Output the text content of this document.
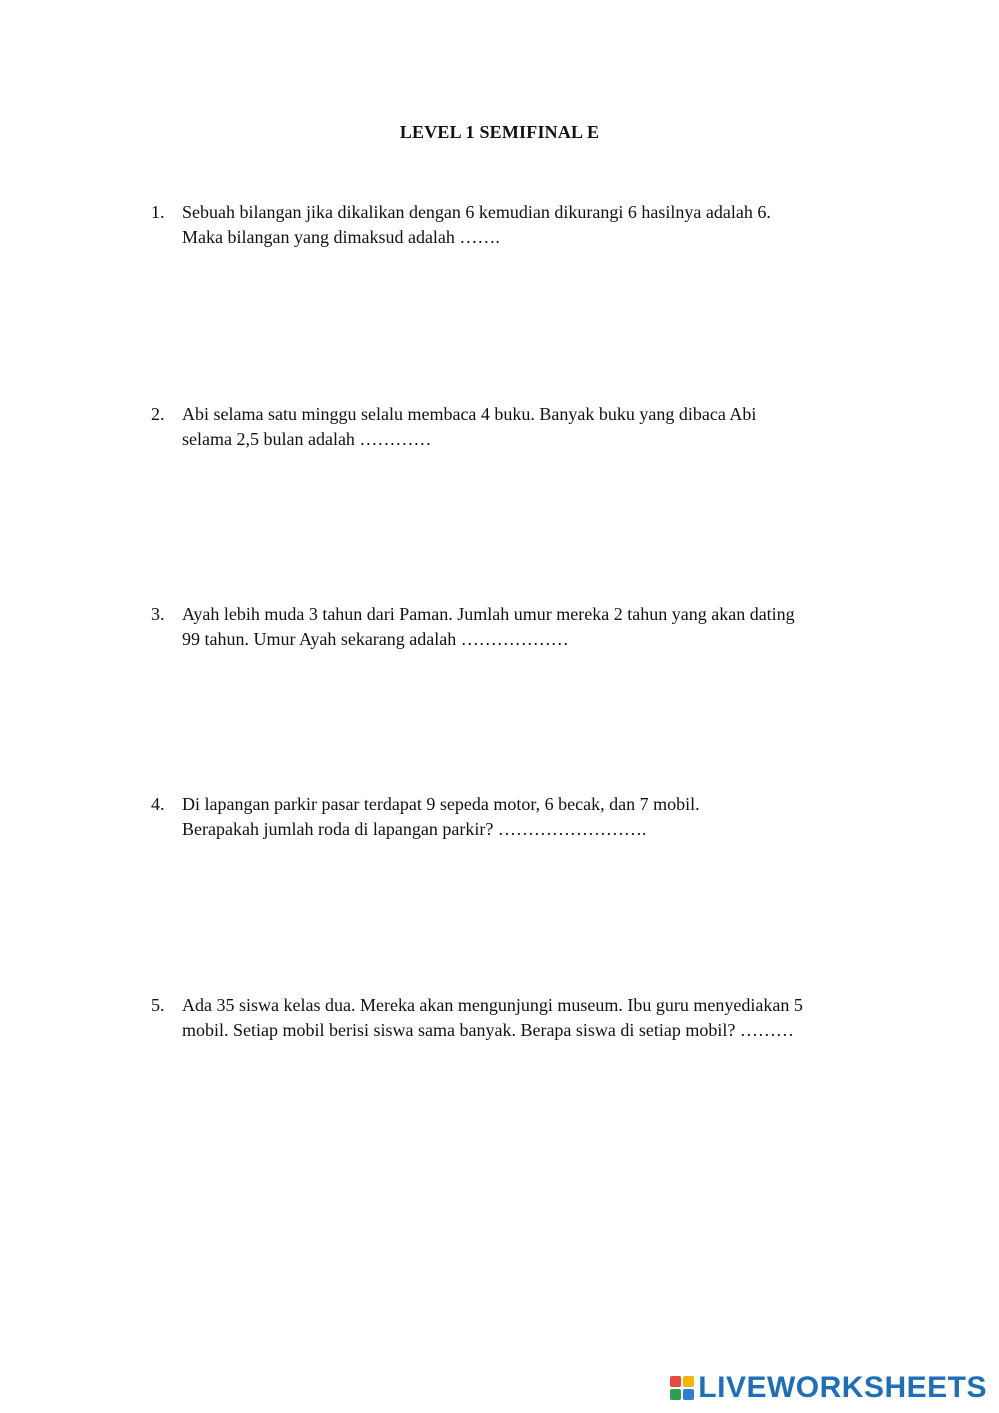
LEVEL 1 SEMIFINAL E
1. Sebuah bilangan jika dikalikan dengan 6 kemudian dikurangi 6 hasilnya adalah 6.
Maka bilangan yang dimaksud adalah …….
2. Abi selama satu minggu selalu membaca 4 buku. Banyak buku yang dibaca Abi
selama 2,5 bulan adalah …………
3. Ayah lebih muda 3 tahun dari Paman. Jumlah umur mereka 2 tahun yang akan dating
99 tahun. Umur Ayah sekarang adalah ………………
4. Di lapangan parkir pasar terdapat 9 sepeda motor, 6 becak, dan 7 mobil.
Berapakah jumlah roda di lapangan parkir? …………………….
5. Ada 35 siswa kelas dua. Mereka akan mengunjungi museum. Ibu guru menyediakan 5
mobil. Setiap mobil berisi siswa sama banyak. Berapa siswa di setiap mobil? ………
LIVEWORKSHEETS
